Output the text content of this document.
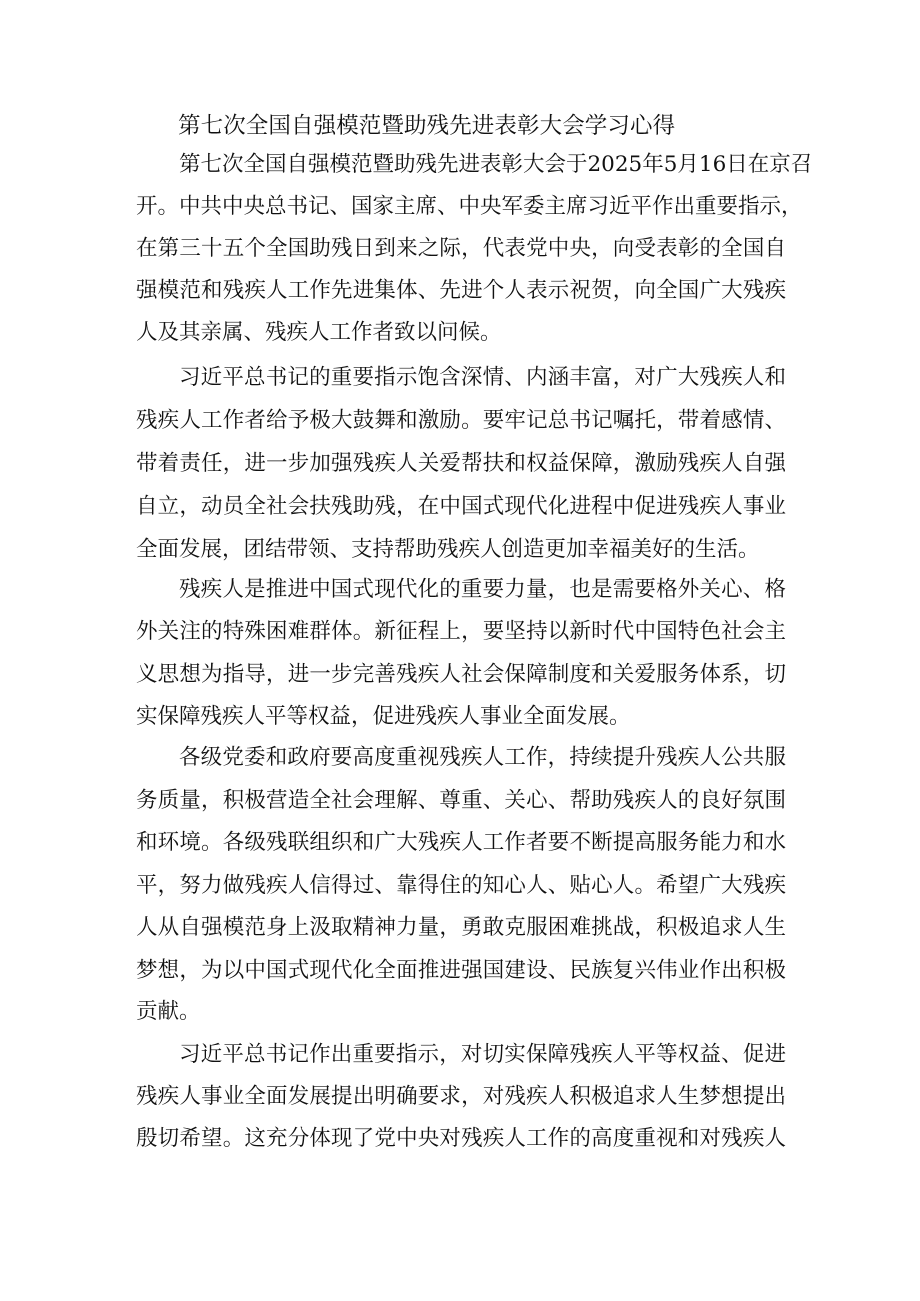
第七次全国自强模范暨助残先进表彰大会学习心得
第七次全国自强模范暨助残先进表彰大会于2025年5月16日在京召
开。中共中央总书记、国家主席、中央军委主席习近平作出重要指示，
在第三十五个全国助残日到来之际，代表党中央，向受表彰的全国自
强模范和残疾人工作先进集体、先进个人表示祝贺，向全国广大残疾
人及其亲属、残疾人工作者致以问候。
习近平总书记的重要指示饱含深情、内涵丰富，对广大残疾人和
残疾人工作者给予极大鼓舞和激励。要牢记总书记嘱托，带着感情、
带着责任，进一步加强残疾人关爱帮扶和权益保障，激励残疾人自强
自立，动员全社会扶残助残，在中国式现代化进程中促进残疾人事业
全面发展，团结带领、支持帮助残疾人创造更加幸福美好的生活。
残疾人是推进中国式现代化的重要力量，也是需要格外关心、格
外关注的特殊困难群体。新征程上，要坚持以新时代中国特色社会主
义思想为指导，进一步完善残疾人社会保障制度和关爱服务体系，切
实保障残疾人平等权益，促进残疾人事业全面发展。
各级党委和政府要高度重视残疾人工作，持续提升残疾人公共服
务质量，积极营造全社会理解、尊重、关心、帮助残疾人的良好氛围
和环境。各级残联组织和广大残疾人工作者要不断提高服务能力和水
平，努力做残疾人信得过、靠得住的知心人、贴心人。希望广大残疾
人从自强模范身上汲取精神力量，勇敢克服困难挑战，积极追求人生
梦想，为以中国式现代化全面推进强国建设、民族复兴伟业作出积极
贡献。
习近平总书记作出重要指示，对切实保障残疾人平等权益、促进
残疾人事业全面发展提出明确要求，对残疾人积极追求人生梦想提出
殷切希望。这充分体现了党中央对残疾人工作的高度重视和对残疾人
